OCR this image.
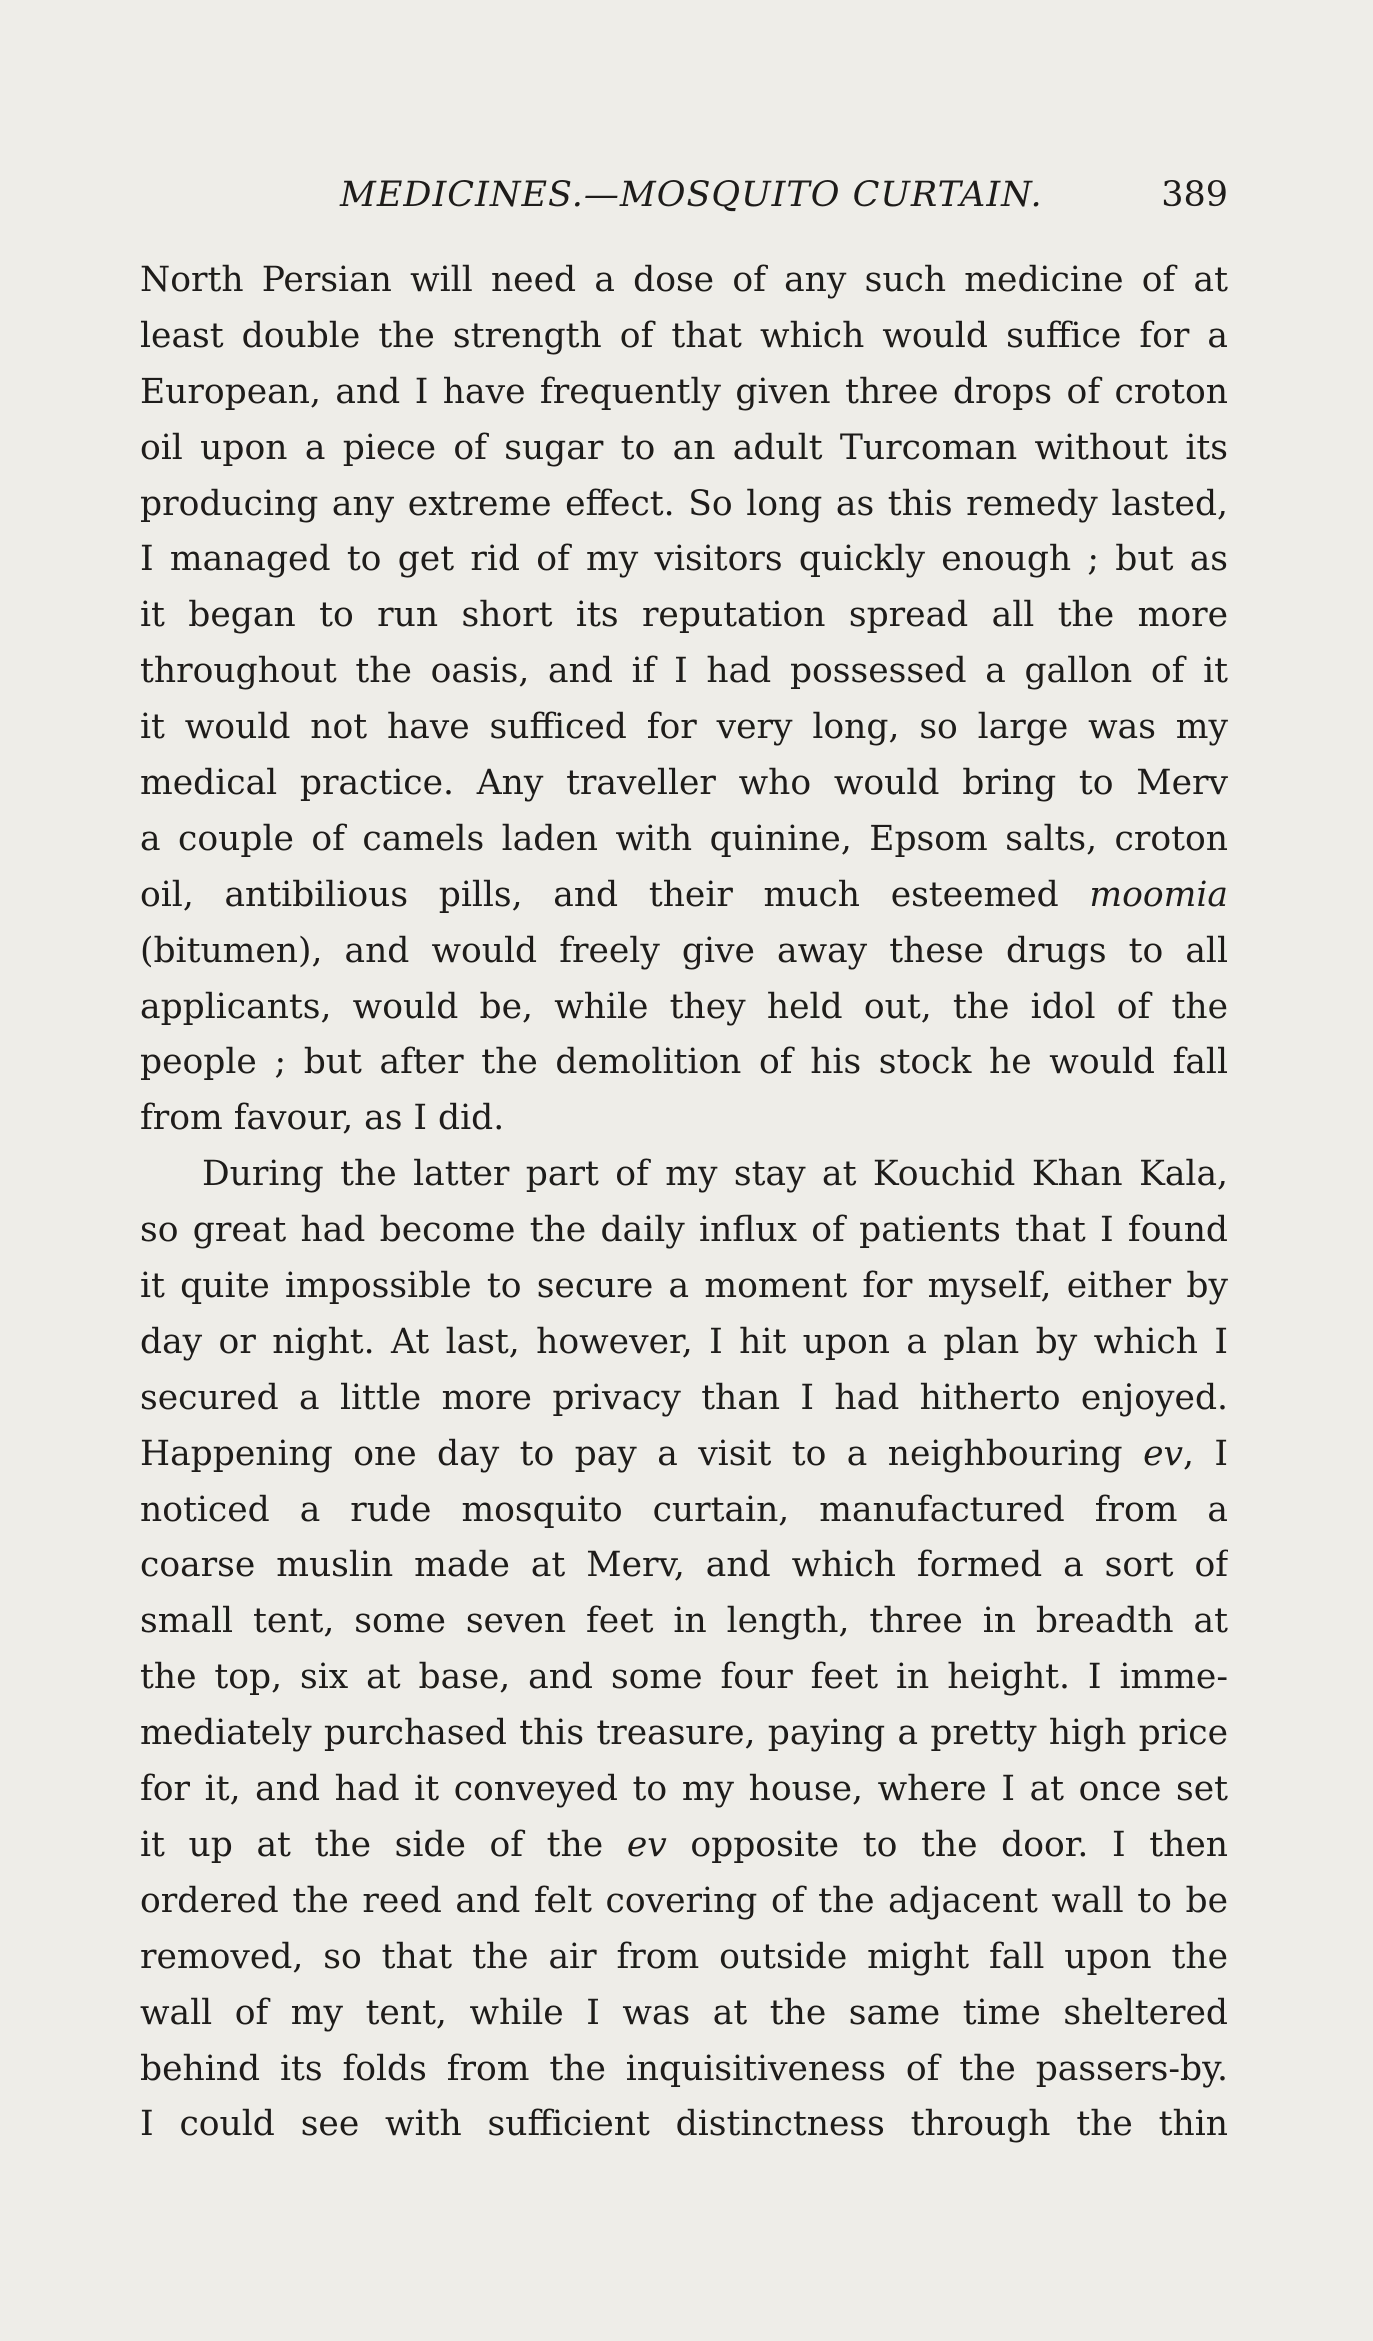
MEDICINES.—MOSQUITO CURTAIN.	389
North Persian will need a dose of any such medicine of at
least double the strength of that which would suffice for a
European, and I have frequently given three drops of croton
oil upon a piece of sugar to an adult Turcoman without its
producing any extreme effect. So long as this remedy lasted,
I managed to get rid of my visitors quickly enough ; but as
it began to run short its reputation spread all the more
throughout the oasis, and if I had possessed a gallon of it
it would not have sufficed for very long, so large was my
medical practice. Any traveller who would bring to Merv
a couple of camels laden with quinine, Epsom salts, croton
oil, antibilious pills, and their much esteemed moomia
(bitumen), and would freely give away these drugs to all
applicants, would be, while they held out, the idol of the
people ; but after the demolition of his stock he would fall
from favour, as I did.
During the latter part of my stay at Kouchid Khan Kala,
so great had become the daily influx of patients that I found
it quite impossible to secure a moment for myself, either by
day or night. At last, however, I hit upon a plan by which I
secured a little more privacy than I had hitherto enjoyed.
Happening one day to pay a visit to a neighbouring ev, I
noticed a rude mosquito curtain, manufactured from a
coarse muslin made at Merv, and which formed a sort of
small tent, some seven feet in length, three in breadth at
the top, six at base, and some four feet in height. I imme-
mediately purchased this treasure, paying a pretty high price
for it, and had it conveyed to my house, where I at once set
it up at the side of the ev opposite to the door. I then
ordered the reed and felt covering of the adjacent wall to be
removed, so that the air from outside might fall upon the
wall of my tent, while I was at the same time sheltered
behind its folds from the inquisitiveness of the passers-by.
I could see with sufficient distinctness through the thin
